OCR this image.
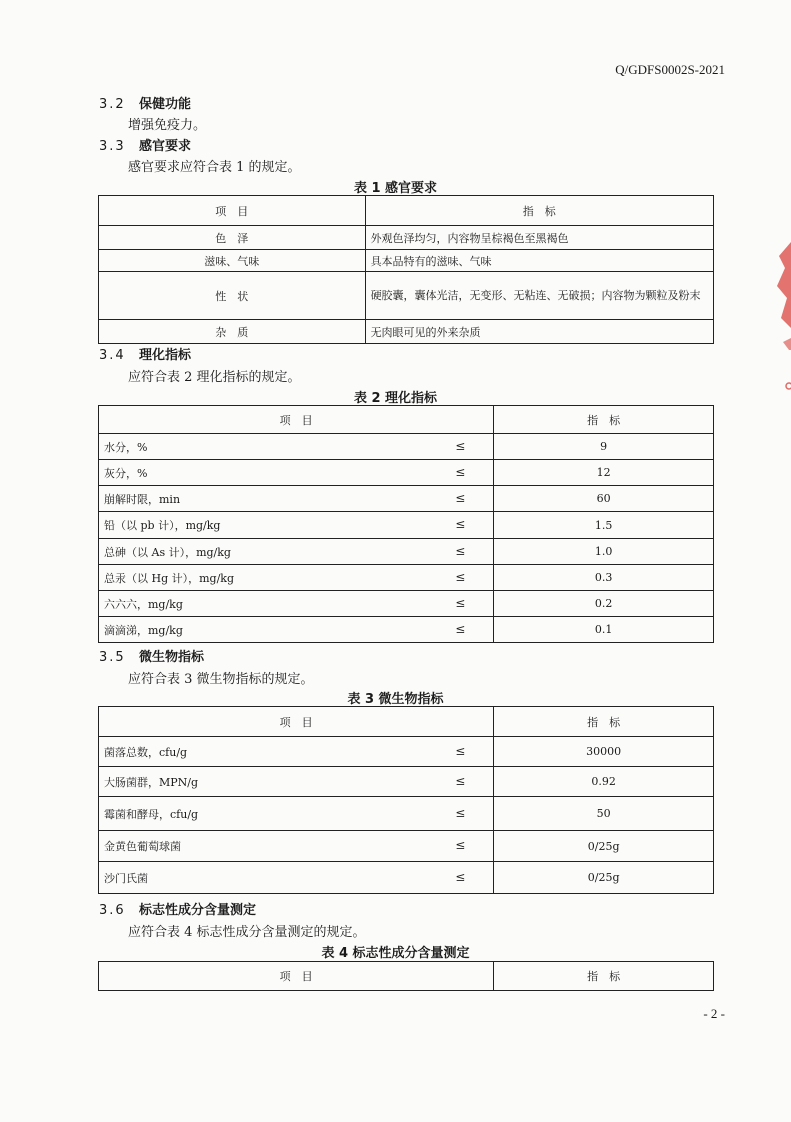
Q/GDFS0002S-2021
3.2 保健功能
增强免疫力。
3.3 感官要求
感官要求应符合表 1 的规定。
表 1 感官要求
项　目	指　标
色　泽	外观色泽均匀，内容物呈棕褐色至黑褐色
滋味、气味	具本品特有的滋味、气味
性　状	硬胶囊，囊体光洁，无变形、无粘连、无破损；内容物为颗粒及粉末
杂　质	无肉眼可见的外来杂质
3.4 理化指标
应符合表 2 理化指标的规定。
表 2 理化指标
项　目	指　标
水分，% ≤	9
灰分，% ≤	12
崩解时限，min ≤	60
铅（以 pb 计），mg/kg ≤	1.5
总砷（以 As 计），mg/kg ≤	1.0
总汞（以 Hg 计），mg/kg ≤	0.3
六六六，mg/kg ≤	0.2
滴滴涕，mg/kg ≤	0.1
3.5 微生物指标
应符合表 3 微生物指标的规定。
表 3 微生物指标
项　目	指　标
菌落总数，cfu/g ≤	30000
大肠菌群，MPN/g ≤	0.92
霉菌和酵母，cfu/g ≤	50
金黄色葡萄球菌 ≤	0/25g
沙门氏菌 ≤	0/25g
3.6 标志性成分含量测定
应符合表 4 标志性成分含量测定的规定。
表 4 标志性成分含量测定
项　目	指　标
- 2 -
